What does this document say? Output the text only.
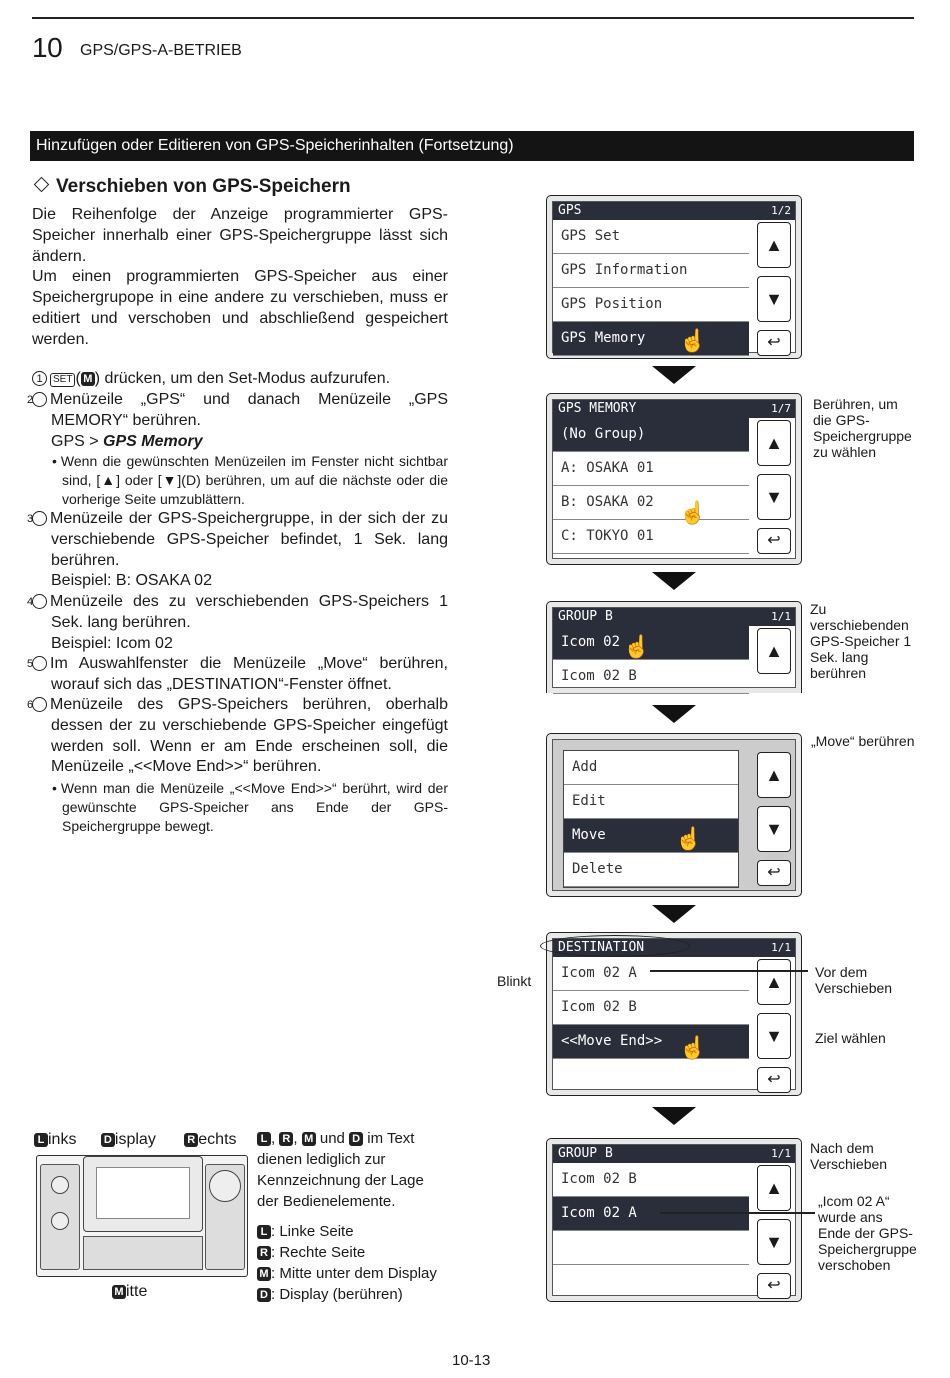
10 GPS/GPS-A-BETRIEB
Hinzufügen oder Editieren von GPS-Speicherinhalten (Fortsetzung)
Verschieben von GPS-Speichern
Die Reihenfolge der Anzeige programmierter GPS-Speicher innerhalb einer GPS-Speichergruppe lässt sich ändern.
Um einen programmierten GPS-Speicher aus einer Speichergrupope in eine andere zu verschieben, muss er editiert und verschoben und abschließend gespeichert werden.
1 SET ( M ) drücken, um den Set-Modus aufzurufen.
2 Menüzeile „GPS“ und danach Menüzeile „GPS MEMORY“ berühren.
GPS > GPS Memory
• Wenn die gewünschten Menüzeilen im Fenster nicht sichtbar sind, [▲] oder [▼](D) berühren, um auf die nächste oder die vorherige Seite umzublättern.
3 Menüzeile der GPS-Speichergruppe, in der sich der zu verschiebende GPS-Speicher befindet, 1 Sek. lang berühren.
Beispiel: B: OSAKA 02
4 Menüzeile des zu verschiebenden GPS-Speichers 1 Sek. lang berühren.
Beispiel: Icom 02
5 Im Auswahlfenster die Menüzeile „Move“ berühren, worauf sich das „DESTINATION“-Fenster öffnet.
6 Menüzeile des GPS-Speichers berühren, oberhalb dessen der zu verschiebende GPS-Speicher eingefügt werden soll. Wenn er am Ende erscheinen soll, die Menüzeile „<<Move End>>“ berühren.
• Wenn man die Menüzeile „<<Move End>>“ berührt, wird der gewünschte GPS-Speicher ans Ende der GPS-Speichergruppe bewegt.
L inks D isplay	R echts
M itte
L , R , M und D im Text dienen lediglich zur Kennzeichnung der Lage der Bedienelemente.
L : Linke Seite
R : Rechte Seite
M : Mitte unter dem Display
D : Display (berühren)
GPS	1/2
GPS Set
GPS Information
GPS Position
GPS Memory
▲
▼
↩
☝
GPS MEMORY	1/7
(No Group)
A: OSAKA 01
B: OSAKA 02
C: TOKYO 01
▲
▼
↩
☝
Berühren, um die GPS-Speichergruppe zu wählen
GROUP B	1/1
Icom 02
Icom 02 B
▲
☝
Zu verschiebenden GPS-Speicher 1 Sek. lang berühren
Add
Edit
Move
Delete
▲
▼
↩
☝
„Move“ berühren
DESTINATION	1/1
Icom 02 A
Icom 02 B
<<Move End>>
▲
▼
↩
☝
Blinkt
Vor dem Verschieben
Ziel wählen
GROUP B	1/1
Icom 02 B
Icom 02 A
▲
▼
↩
Nach dem Verschieben
„Icom 02 A“ wurde ans Ende der GPS-Speichergruppe verschoben
10-13
